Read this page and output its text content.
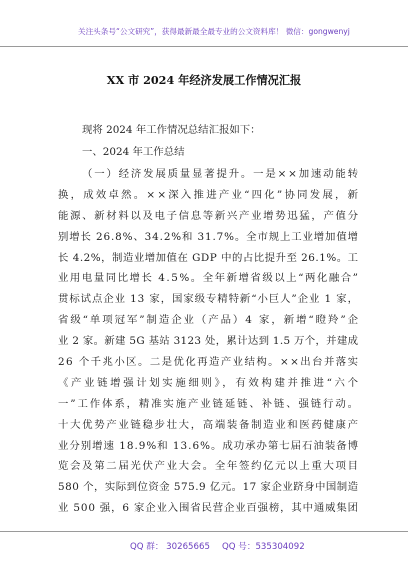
关注头条号“公文研究”，获得最新最全最专业的公文资料库！ 微信：gongwenyj
XX 市 2024 年经济发展工作情况汇报
现将 2024 年工作情况总结汇报如下：
一、2024 年工作总结
（一）经济发展质量显著提升。一是××加速动能转
换，成效卓然。××深入推进产业“四化”协同发展，新
能源、新材料以及电子信息等新兴产业增势迅猛，产值分
别增长 26.8%、34.2%和 31.7%。全市规上工业增加值增
长 4.2%，制造业增加值在 GDP 中的占比提升至 26.1%。工
业用电量同比增长 4.5%。全年新增省级以上“两化融合”
贯标试点企业 13 家，国家级专精特新“小巨人”企业 1 家，
省级“单项冠军”制造企业（产品）4 家，新增“瞪羚”企
业 2 家。新建 5G 基站 3123 处，累计达到 1.5 万个，并建成
26 个千兆小区。二是优化再造产业结构。××出台并落实
《产业链增强计划实施细则》，有效构建并推进“六个
一”工作体系，精准实施产业链延链、补链、强链行动。
十大优势产业链稳步壮大，高端装备制造业和医药健康产
业分别增速 18.9%和 13.6%。成功承办第七届石油装备博
览会及第二届光伏产业大会。全年签约亿元以上重大项目
580 个，实际到位资金 575.9 亿元。17 家企业跻身中国制造
业 500 强，6 家企业入围省民营企业百强榜，其中通威集团
QQ 群： 30265665 QQ 号：535304092
